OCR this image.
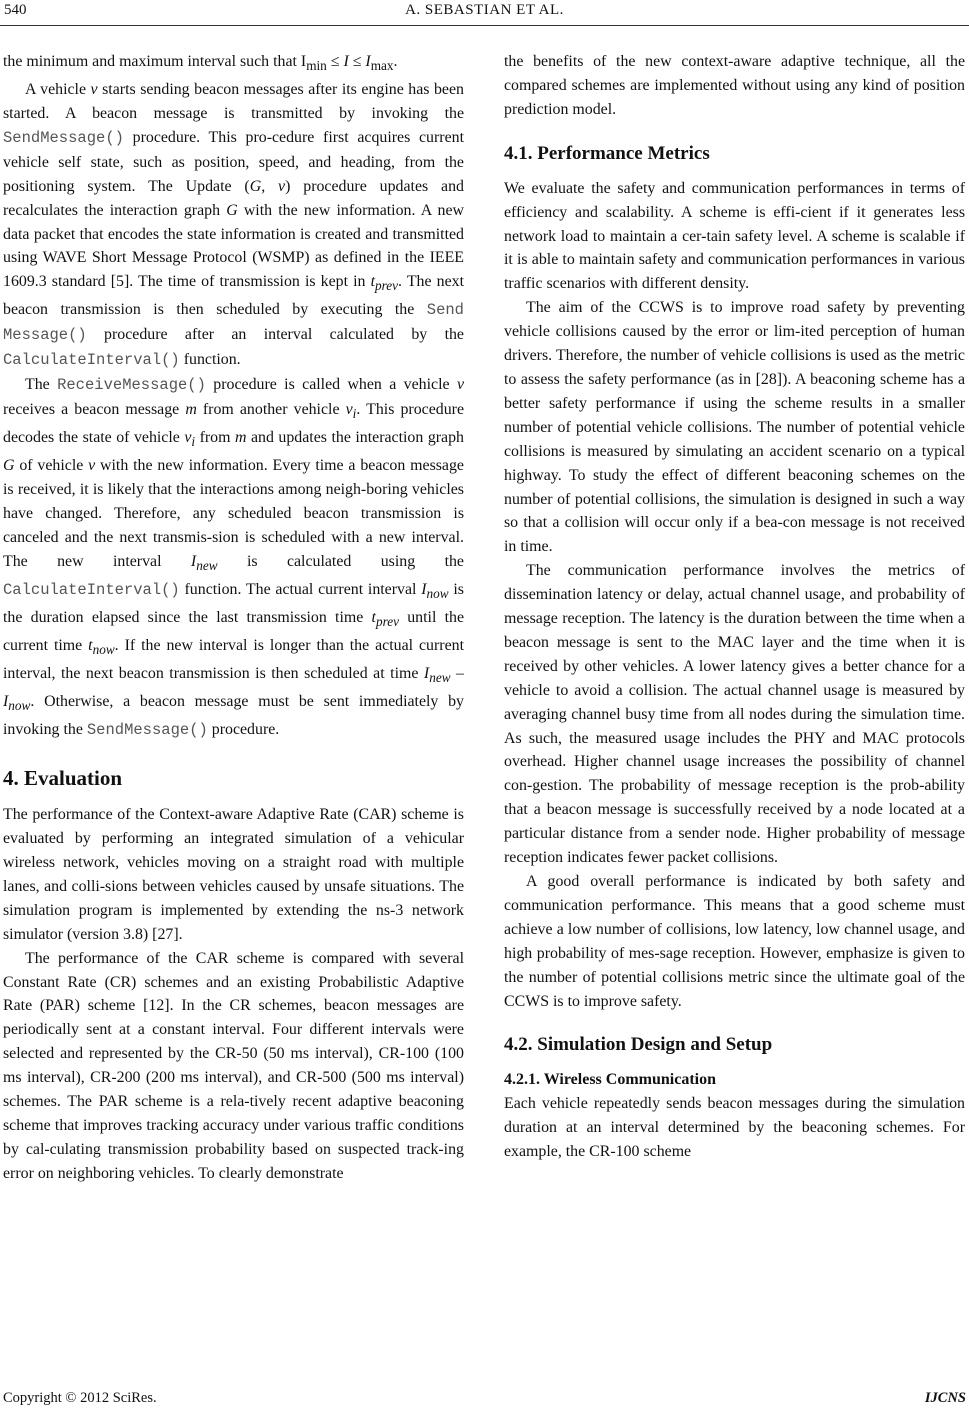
540	A. SEBASTIAN ET AL.

the minimum and maximum interval such that $I_{min} \le I \le I_{max}$.

A vehicle v starts sending beacon messages after its engine has been started. A beacon message is transmitted by invoking the SendMessage() procedure. This pro-cedure first acquires current vehicle self state, such as position, speed, and heading, from the positioning system. The Update (G, v) procedure updates and recalculates the interaction graph G with the new information. A new data packet that encodes the state information is created and transmitted using WAVE Short Message Protocol (WSMP) as defined in the IEEE 1609.3 standard [5]. The time of transmission is kept in $t_{prev}$. The next beacon transmission is then scheduled by executing the Send Message() procedure after an interval calculated by the CalculateInterval() function.

The ReceiveMessage() procedure is called when a vehicle v receives a beacon message m from another vehicle $v_i$. This procedure decodes the state of vehicle $v_i$ from m and updates the interaction graph G of vehicle v with the new information. Every time a beacon message is received, it is likely that the interactions among neigh-boring vehicles have changed. Therefore, any scheduled beacon transmission is canceled and the next transmis-sion is scheduled with a new interval. The new interval $I_{new}$ is calculated using the CalculateInterval() function. The actual current interval $I_{now}$ is the duration elapsed since the last transmission time $t_{prev}$ until the current time $t_{now}$. If the new interval is longer than the actual current interval, the next beacon transmission is then scheduled at time $I_{new} - I_{now}$. Otherwise, a beacon message must be sent immediately by invoking the SendMessage() procedure.

4. Evaluation

The performance of the Context-aware Adaptive Rate (CAR) scheme is evaluated by performing an integrated simulation of a vehicular wireless network, vehicles moving on a straight road with multiple lanes, and colli-sions between vehicles caused by unsafe situations. The simulation program is implemented by extending the ns-3 network simulator (version 3.8) [27].

The performance of the CAR scheme is compared with several Constant Rate (CR) schemes and an existing Probabilistic Adaptive Rate (PAR) scheme [12]. In the CR schemes, beacon messages are periodically sent at a constant interval. Four different intervals were selected and represented by the CR-50 (50 ms interval), CR-100 (100 ms interval), CR-200 (200 ms interval), and CR-500 (500 ms interval) schemes. The PAR scheme is a rela-tively recent adaptive beaconing scheme that improves tracking accuracy under various traffic conditions by cal-culating transmission probability based on suspected track-ing error on neighboring vehicles. To clearly demonstrate

the benefits of the new context-aware adaptive technique, all the compared schemes are implemented without using any kind of position prediction model.

4.1. Performance Metrics

We evaluate the safety and communication performances in terms of efficiency and scalability. A scheme is effi-cient if it generates less network load to maintain a cer-tain safety level. A scheme is scalable if it is able to maintain safety and communication performances in various traffic scenarios with different density.

The aim of the CCWS is to improve road safety by preventing vehicle collisions caused by the error or lim-ited perception of human drivers. Therefore, the number of vehicle collisions is used as the metric to assess the safety performance (as in [28]). A beaconing scheme has a better safety performance if using the scheme results in a smaller number of potential vehicle collisions. The number of potential vehicle collisions is measured by simulating an accident scenario on a typical highway. To study the effect of different beaconing schemes on the number of potential collisions, the simulation is designed in such a way so that a collision will occur only if a bea-con message is not received in time.

The communication performance involves the metrics of dissemination latency or delay, actual channel usage, and probability of message reception. The latency is the duration between the time when a beacon message is sent to the MAC layer and the time when it is received by other vehicles. A lower latency gives a better chance for a vehicle to avoid a collision. The actual channel usage is measured by averaging channel busy time from all nodes during the simulation time. As such, the measured usage includes the PHY and MAC protocols overhead. Higher channel usage increases the possibility of channel con-gestion. The probability of message reception is the prob-ability that a beacon message is successfully received by a node located at a particular distance from a sender node. Higher probability of message reception indicates fewer packet collisions.

A good overall performance is indicated by both safety and communication performance. This means that a good scheme must achieve a low number of collisions, low latency, low channel usage, and high probability of mes-sage reception. However, emphasize is given to the number of potential collisions metric since the ultimate goal of the CCWS is to improve safety.

4.2. Simulation Design and Setup
4.2.1. Wireless Communication

Each vehicle repeatedly sends beacon messages during the simulation duration at an interval determined by the beaconing schemes. For example, the CR-100 scheme

Copyright © 2012 SciRes.	IJCNS
